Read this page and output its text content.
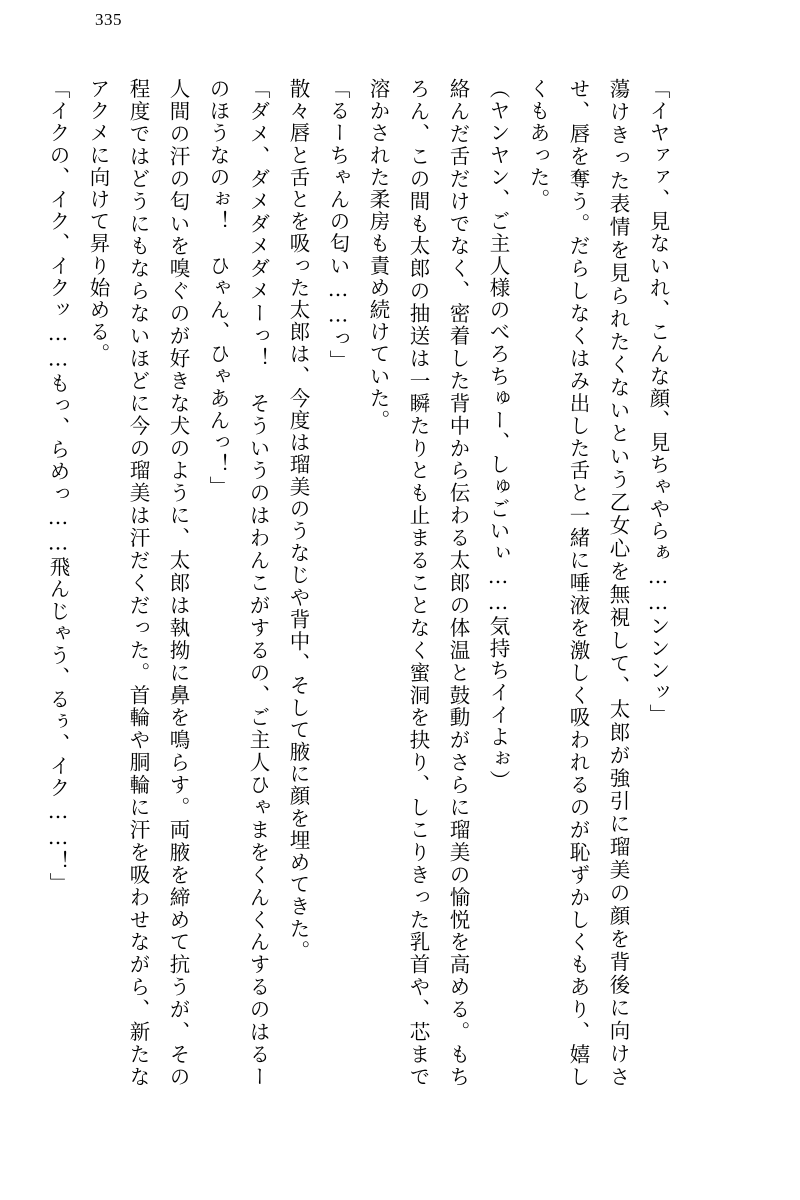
335

「イヤァァ、見ないれ、こんな顔、見ちゃやらぁ……ンンンッ」
蕩けきった表情を見られたくないという乙女心を無視して、太郎が強引に瑠美の顔を背後に向けさせ、唇を奪う。だらしなくはみ出した舌と一緒に唾液を激しく吸われるのが恥ずかしくもあり、嬉しくもあった。
（ヤンヤン、ご主人様のべろちゅー、しゅごいぃ……気持ちイイよぉ）
絡んだ舌だけでなく、密着した背中から伝わる太郎の体温と鼓動がさらに瑠美の愉悦を高める。もちろん、この間も太郎の抽送は一瞬たりとも止まることなく蜜洞を抉り、しこりきった乳首や、芯まで溶かされた柔房も責め続けていた。
「るーちゃんの匂い……っ」
散々唇と舌とを吸った太郎は、今度は瑠美のうなじや背中、そして腋に顔を埋めてきた。
「ダメ、ダメダメダメーっ！　そういうのはわんこがするの、ご主人ひゃまをくんくんするのはるーのほうなのぉ！　ひゃん、ひゃあんっ！」
人間の汗の匂いを嗅ぐのが好きな犬のように、太郎は執拗に鼻を鳴らす。両腋を締めて抗うが、その程度ではどうにもならないほどに今の瑠美は汗だくだった。首輪や胴輪に汗を吸わせながら、新たなアクメに向けて昇り始める。
「イクの、イク、イクッ……もっ、らめっ……飛んじゃう、るぅ、イク……！」
